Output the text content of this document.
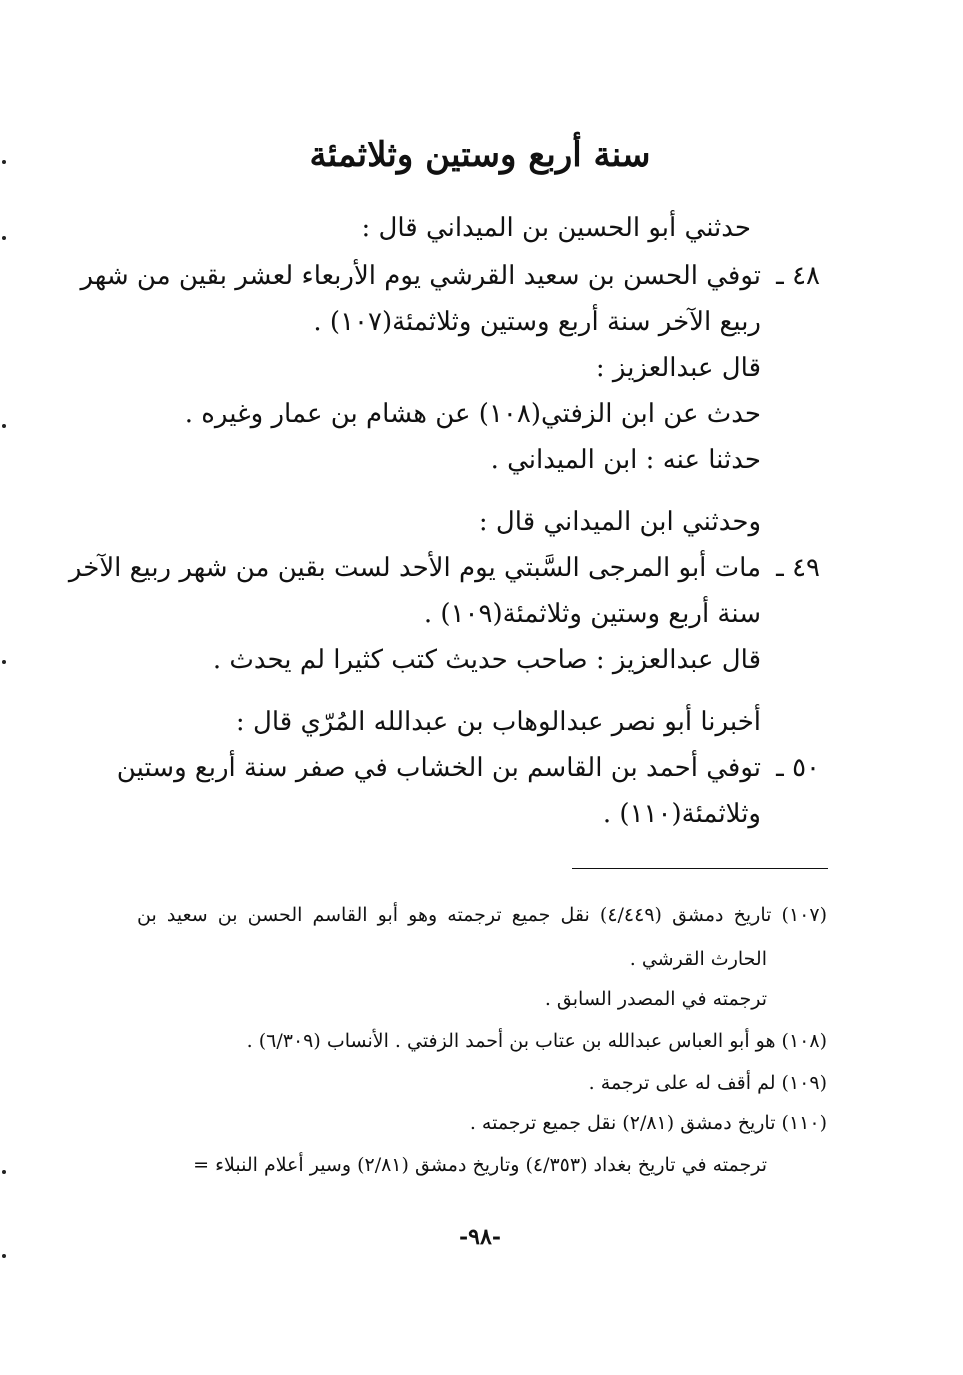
سنة أربع وستين وثلاثمئة
حدثني أبو الحسين بن الميداني قال :
٤٨ ـ
توفي الحسن بن سعيد القرشي يوم الأربعاء لعشر بقين من شهر
ربيع الآخر سنة أربع وستين وثلاثمئة(١٠٧) .
قال عبدالعزيز :
حدث عن ابن الزفتي(١٠٨) عن هشام بن عمار وغيره .
حدثنا عنه : ابن الميداني .
وحدثني ابن الميداني قال :
٤٩ ـ
مات أبو المرجى السَّبتي يوم الأحد لست بقين من شهر ربيع الآخر
سنة أربع وستين وثلاثمئة(١٠٩) .
قال عبدالعزيز : صاحب حديث كتب كثيرا لم يحدث .
أخبرنا أبو نصر عبدالوهاب بن عبدالله المُرّي قال :
٥٠ ـ
توفي أحمد بن القاسم بن الخشاب في صفر سنة أربع وستين
وثلاثمئة(١١٠) .
(١٠٧) تاريخ دمشق (٤/٤٤٩) نقل جميع ترجمته وهو أبو القاسم الحسن بن سعيد بن
الحارث القرشي .
ترجمته في المصدر السابق .
(١٠٨) هو أبو العباس عبدالله بن عتاب بن أحمد الزفتي . الأنساب (٦/٣٠٩) .
(١٠٩) لم أقف له على ترجمة .
(١١٠) تاريخ دمشق (٢/٨١) نقل جميع ترجمته .
ترجمته في تاريخ بغداد (٤/٣٥٣) وتاريخ دمشق (٢/٨١) وسير أعلام النبلاء =
-٩٨-
